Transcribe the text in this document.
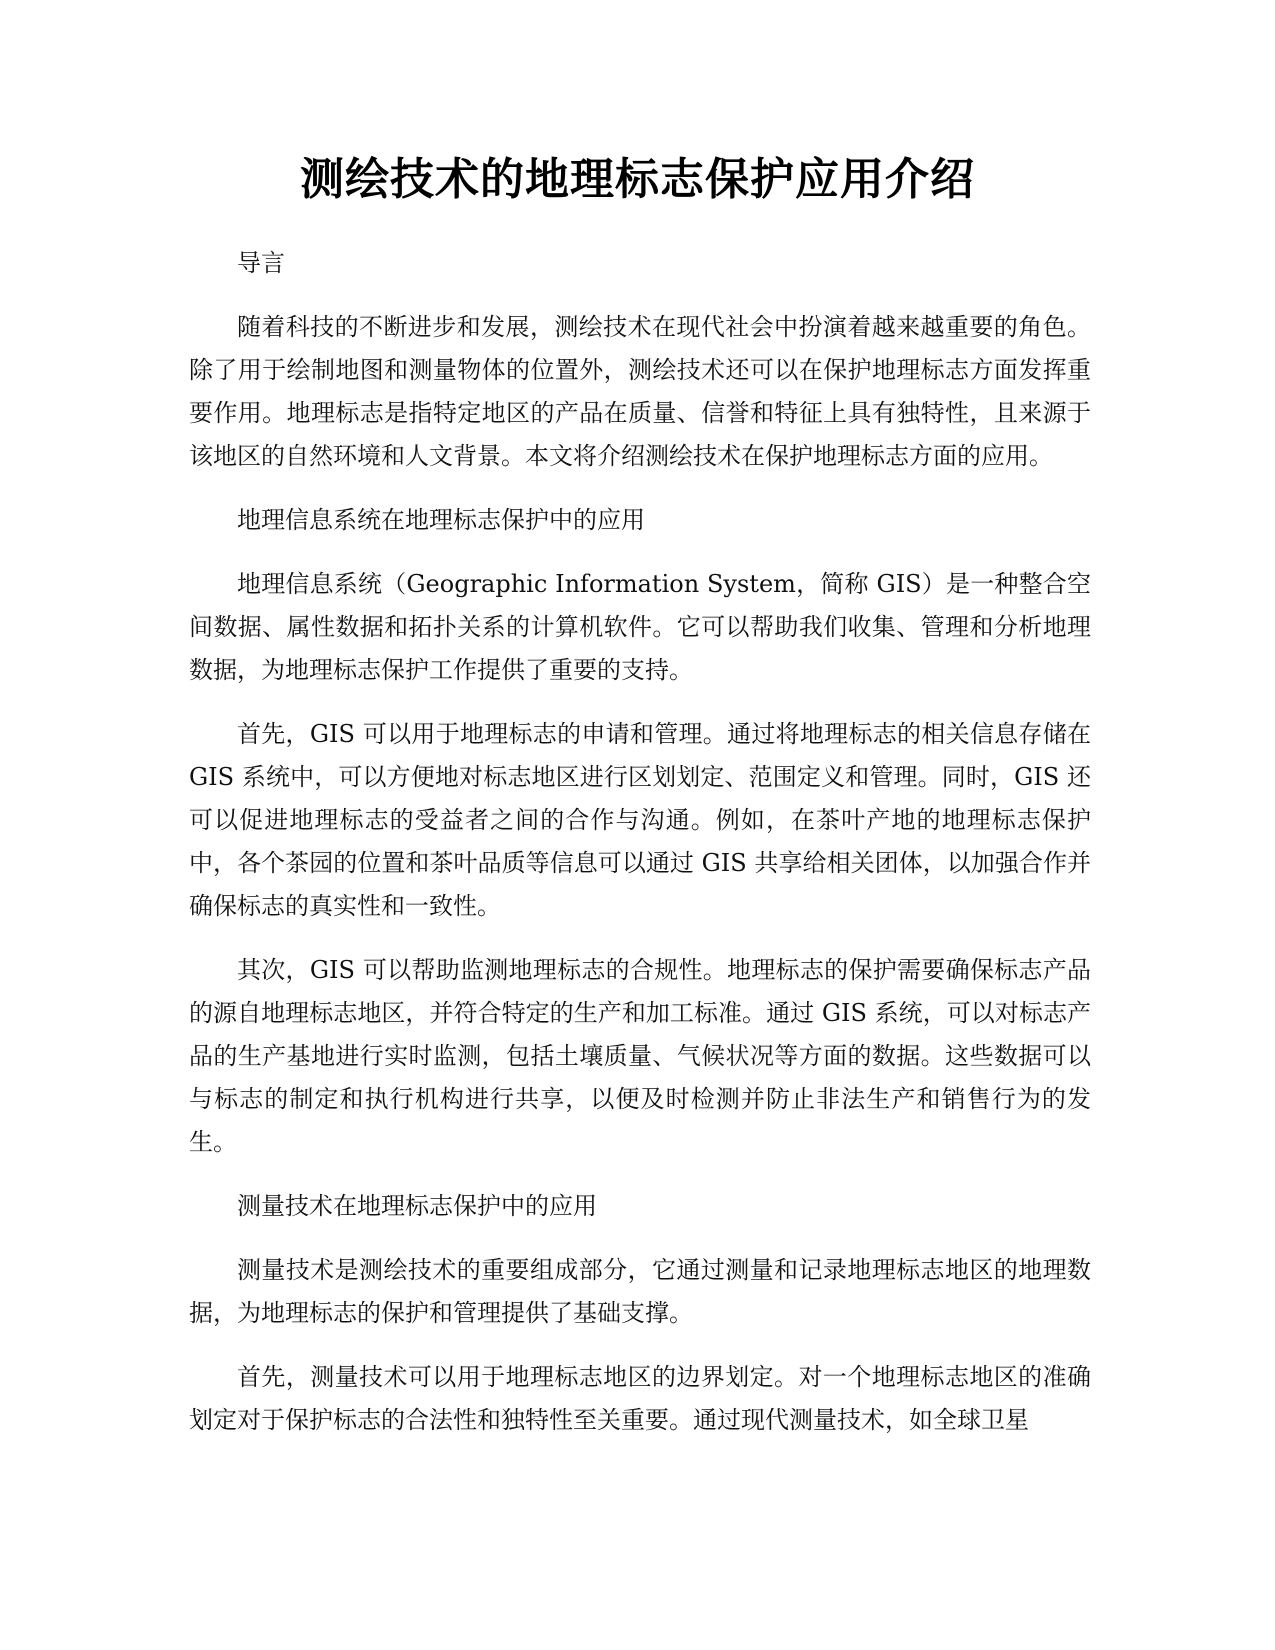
测绘技术的地理标志保护应用介绍

导言

随着科技的不断进步和发展，测绘技术在现代社会中扮演着越来越重要的角色。除了用于绘制地图和测量物体的位置外，测绘技术还可以在保护地理标志方面发挥重要作用。地理标志是指特定地区的产品在质量、信誉和特征上具有独特性，且来源于该地区的自然环境和人文背景。本文将介绍测绘技术在保护地理标志方面的应用。

地理信息系统在地理标志保护中的应用

地理信息系统（Geographic Information System，简称 GIS）是一种整合空间数据、属性数据和拓扑关系的计算机软件。它可以帮助我们收集、管理和分析地理数据，为地理标志保护工作提供了重要的支持。

首先，GIS 可以用于地理标志的申请和管理。通过将地理标志的相关信息存储在 GIS 系统中，可以方便地对标志地区进行区划划定、范围定义和管理。同时，GIS 还可以促进地理标志的受益者之间的合作与沟通。例如，在茶叶产地的地理标志保护中，各个茶园的位置和茶叶品质等信息可以通过 GIS 共享给相关团体，以加强合作并确保标志的真实性和一致性。

其次，GIS 可以帮助监测地理标志的合规性。地理标志的保护需要确保标志产品的源自地理标志地区，并符合特定的生产和加工标准。通过 GIS 系统，可以对标志产品的生产基地进行实时监测，包括土壤质量、气候状况等方面的数据。这些数据可以与标志的制定和执行机构进行共享，以便及时检测并防止非法生产和销售行为的发生。

测量技术在地理标志保护中的应用

测量技术是测绘技术的重要组成部分，它通过测量和记录地理标志地区的地理数据，为地理标志的保护和管理提供了基础支撑。

首先，测量技术可以用于地理标志地区的边界划定。对一个地理标志地区的准确划定对于保护标志的合法性和独特性至关重要。通过现代测量技术，如全球卫星
